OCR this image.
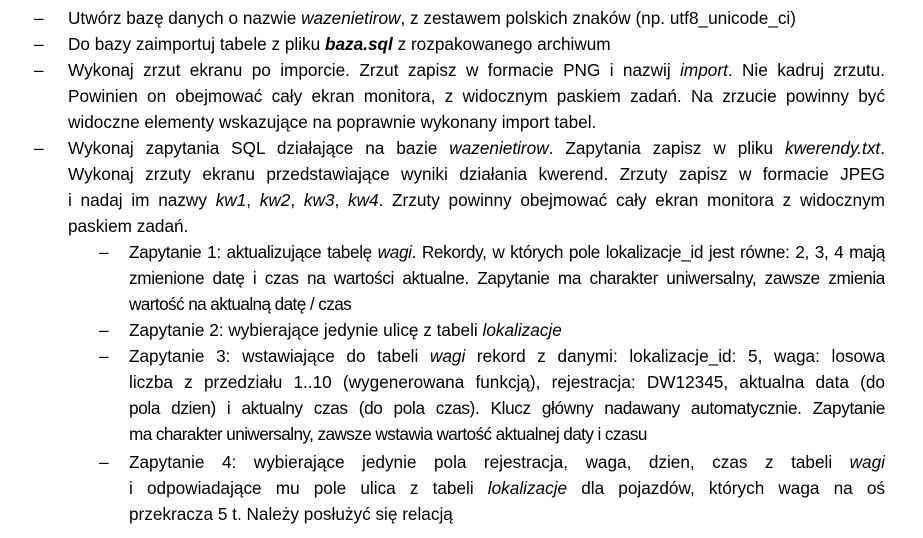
– Utwórz bazę danych o nazwie wazenietirow, z zestawem polskich znaków (np. utf8_unicode_ci)
– Do bazy zaimportuj tabele z pliku baza.sql z rozpakowanego archiwum
– Wykonaj zrzut ekranu po imporcie. Zrzut zapisz w formacie PNG i nazwij import. Nie kadruj zrzutu.
Powinien on obejmować cały ekran monitora, z widocznym paskiem zadań. Na zrzucie powinny być
widoczne elementy wskazujące na poprawnie wykonany import tabel.
– Wykonaj zapytania SQL działające na bazie wazenietirow. Zapytania zapisz w pliku kwerendy.txt.
Wykonaj zrzuty ekranu przedstawiające wyniki działania kwerend. Zrzuty zapisz w formacie JPEG
i nadaj im nazwy kw1, kw2, kw3, kw4. Zrzuty powinny obejmować cały ekran monitora z widocznym
paskiem zadań.
– Zapytanie 1: aktualizujące tabelę wagi. Rekordy, w których pole lokalizacje_id jest równe: 2, 3, 4 mają
zmienione datę i czas na wartości aktualne. Zapytanie ma charakter uniwersalny, zawsze zmienia
wartość na aktualną datę / czas
– Zapytanie 2: wybierające jedynie ulicę z tabeli lokalizacje
– Zapytanie 3: wstawiające do tabeli wagi rekord z danymi: lokalizacje_id: 5, waga: losowa
liczba z przedziału 1..10 (wygenerowana funkcją), rejestracja: DW12345, aktualna data (do
pola dzien) i aktualny czas (do pola czas). Klucz główny nadawany automatycznie. Zapytanie
ma charakter uniwersalny, zawsze wstawia wartość aktualnej daty i czasu
– Zapytanie 4: wybierające jedynie pola rejestracja, waga, dzien, czas z tabeli wagi
i odpowiadające mu pole ulica z tabeli lokalizacje dla pojazdów, których waga na oś
przekracza 5 t. Należy posłużyć się relacją
